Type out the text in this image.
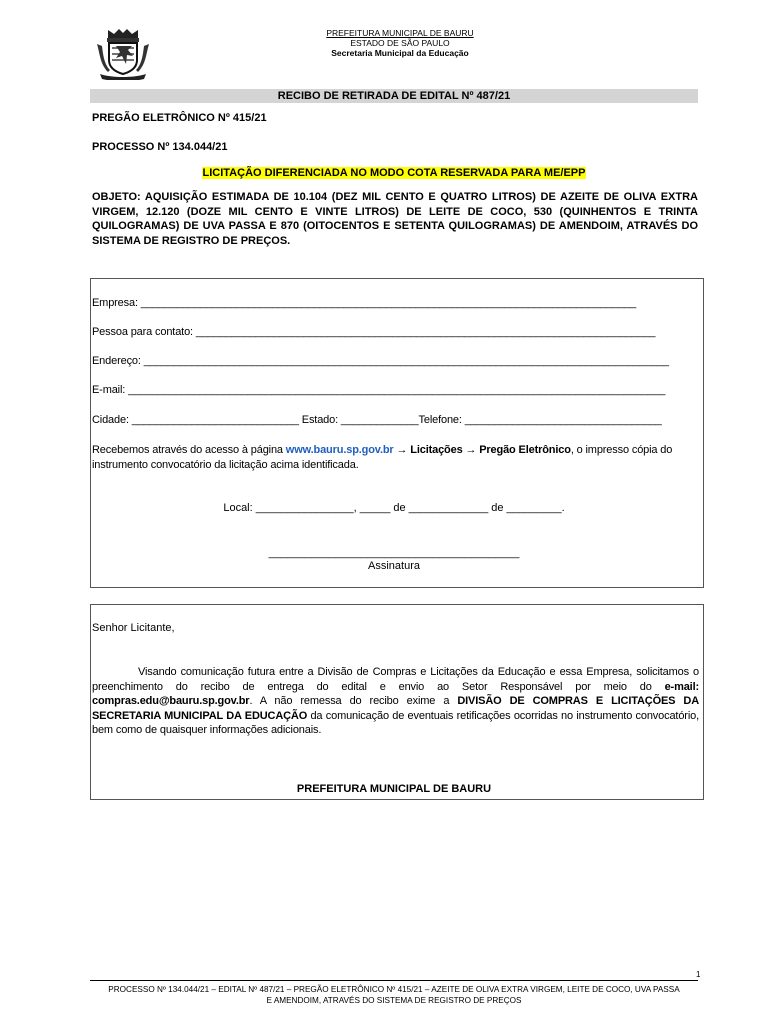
PREFEITURA MUNICIPAL DE BAURU
ESTADO DE SÃO PAULO
Secretaria Municipal da Educação
RECIBO DE RETIRADA DE EDITAL Nº 487/21
PREGÃO ELETRÔNICO Nº 415/21
PROCESSO Nº 134.044/21
LICITAÇÃO DIFERENCIADA NO MODO COTA RESERVADA PARA ME/EPP
OBJETO: AQUISIÇÃO ESTIMADA DE 10.104 (DEZ MIL CENTO E QUATRO LITROS) DE AZEITE DE OLIVA EXTRA VIRGEM, 12.120 (DOZE MIL CENTO E VINTE LITROS) DE LEITE DE COCO, 530 (QUINHENTOS E TRINTA QUILOGRAMAS) DE UVA PASSA E 870 (OITOCENTOS E SETENTA QUILOGRAMAS) DE AMENDOIM, ATRAVÉS DO SISTEMA DE REGISTRO DE PREÇOS.
Empresa: ___________________________________________________________________________________
Pessoa para contato: _____________________________________________________________________________
Endereço: ________________________________________________________________________________________
E-mail: __________________________________________________________________________________________
Cidade: ____________________________ Estado: _____________Telefone: _________________________________
Recebemos através do acesso à página www.bauru.sp.gov.br → Licitações → Pregão Eletrônico, o impresso cópia do instrumento convocatório da licitação acima identificada.
Local: ________________, _____ de _____________ de _________.
_________________________________________
Assinatura
Senhor Licitante,
Visando comunicação futura entre a Divisão de Compras e Licitações da Educação e essa Empresa, solicitamos o preenchimento do recibo de entrega do edital e envio ao Setor Responsável por meio do e-mail: compras.edu@bauru.sp.gov.br. A não remessa do recibo exime a DIVISÃO DE COMPRAS E LICITAÇÕES DA SECRETARIA MUNICIPAL DA EDUCAÇÃO da comunicação de eventuais retificações ocorridas no instrumento convocatório, bem como de quaisquer informações adicionais.
PREFEITURA MUNICIPAL DE BAURU
1
PROCESSO Nº 134.044/21 – EDITAL Nº 487/21 – PREGÃO ELETRÔNICO Nº 415/21 – AZEITE DE OLIVA EXTRA VIRGEM, LEITE DE COCO, UVA PASSA
E AMENDOIM, ATRAVÉS DO SISTEMA DE REGISTRO DE PREÇOS
